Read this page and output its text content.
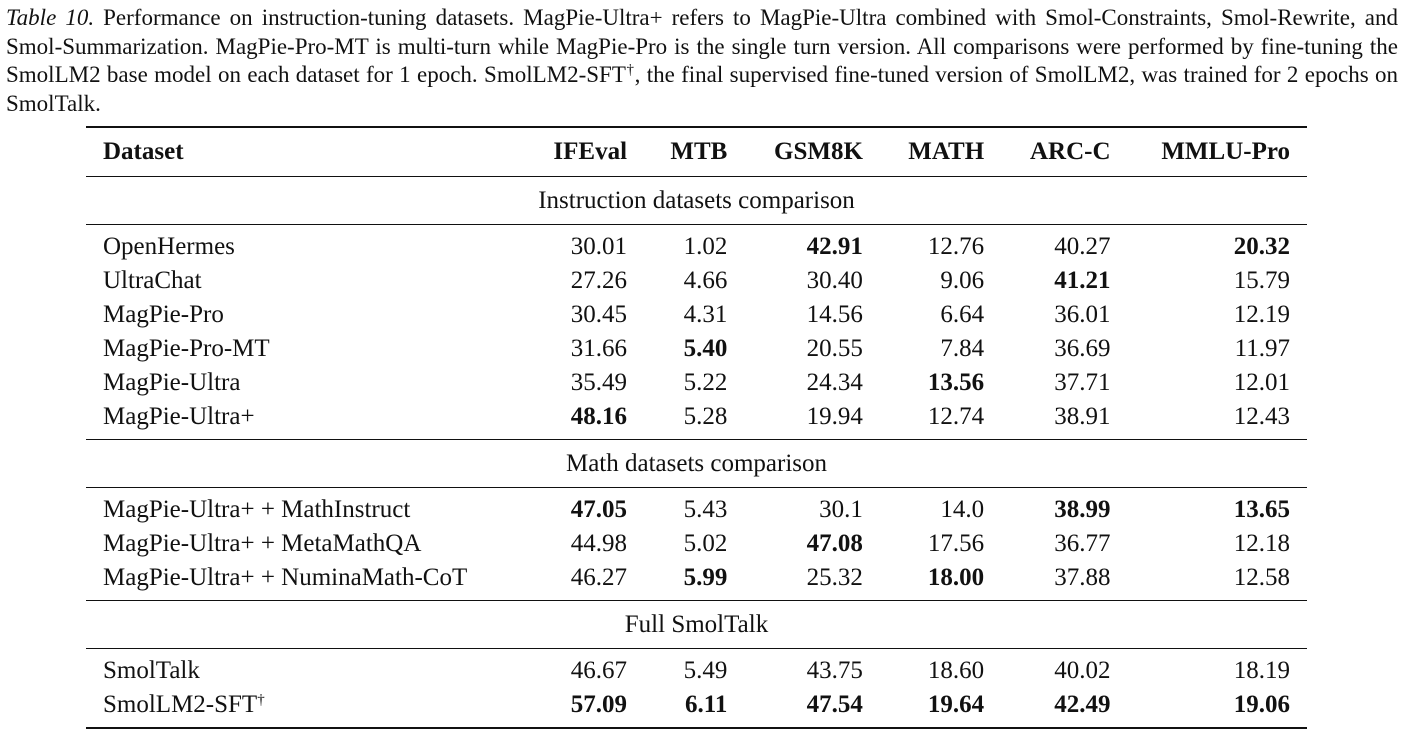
Table 10. Performance on instruction-tuning datasets. MagPie-Ultra+ refers to MagPie-Ultra combined with Smol-Constraints, Smol-Rewrite, and Smol-Summarization. MagPie-Pro-MT is multi-turn while MagPie-Pro is the single turn version. All comparisons were performed by fine-tuning the SmolLM2 base model on each dataset for 1 epoch. SmolLM2-SFT†, the final supervised fine-tuned version of SmolLM2, was trained for 2 epochs on SmolTalk.

Dataset	IFEval	MTB	GSM8K	MATH	ARC-C	MMLU-Pro
Instruction datasets comparison						
OpenHermes	30.01	1.02	42.91	12.76	40.27	20.32
UltraChat	27.26	4.66	30.40	9.06	41.21	15.79
MagPie-Pro	30.45	4.31	14.56	6.64	36.01	12.19
MagPie-Pro-MT	31.66	5.40	20.55	7.84	36.69	11.97
MagPie-Ultra	35.49	5.22	24.34	13.56	37.71	12.01
MagPie-Ultra+	48.16	5.28	19.94	12.74	38.91	12.43
Math datasets comparison						
MagPie-Ultra+ + MathInstruct	47.05	5.43	30.1	14.0	38.99	13.65
MagPie-Ultra+ + MetaMathQA	44.98	5.02	47.08	17.56	36.77	12.18
MagPie-Ultra+ + NuminaMath-CoT	46.27	5.99	25.32	18.00	37.88	12.58
Full SmolTalk						
SmolTalk	46.67	5.49	43.75	18.60	40.02	18.19
SmolLM2-SFT†	57.09	6.11	47.54	19.64	42.49	19.06
